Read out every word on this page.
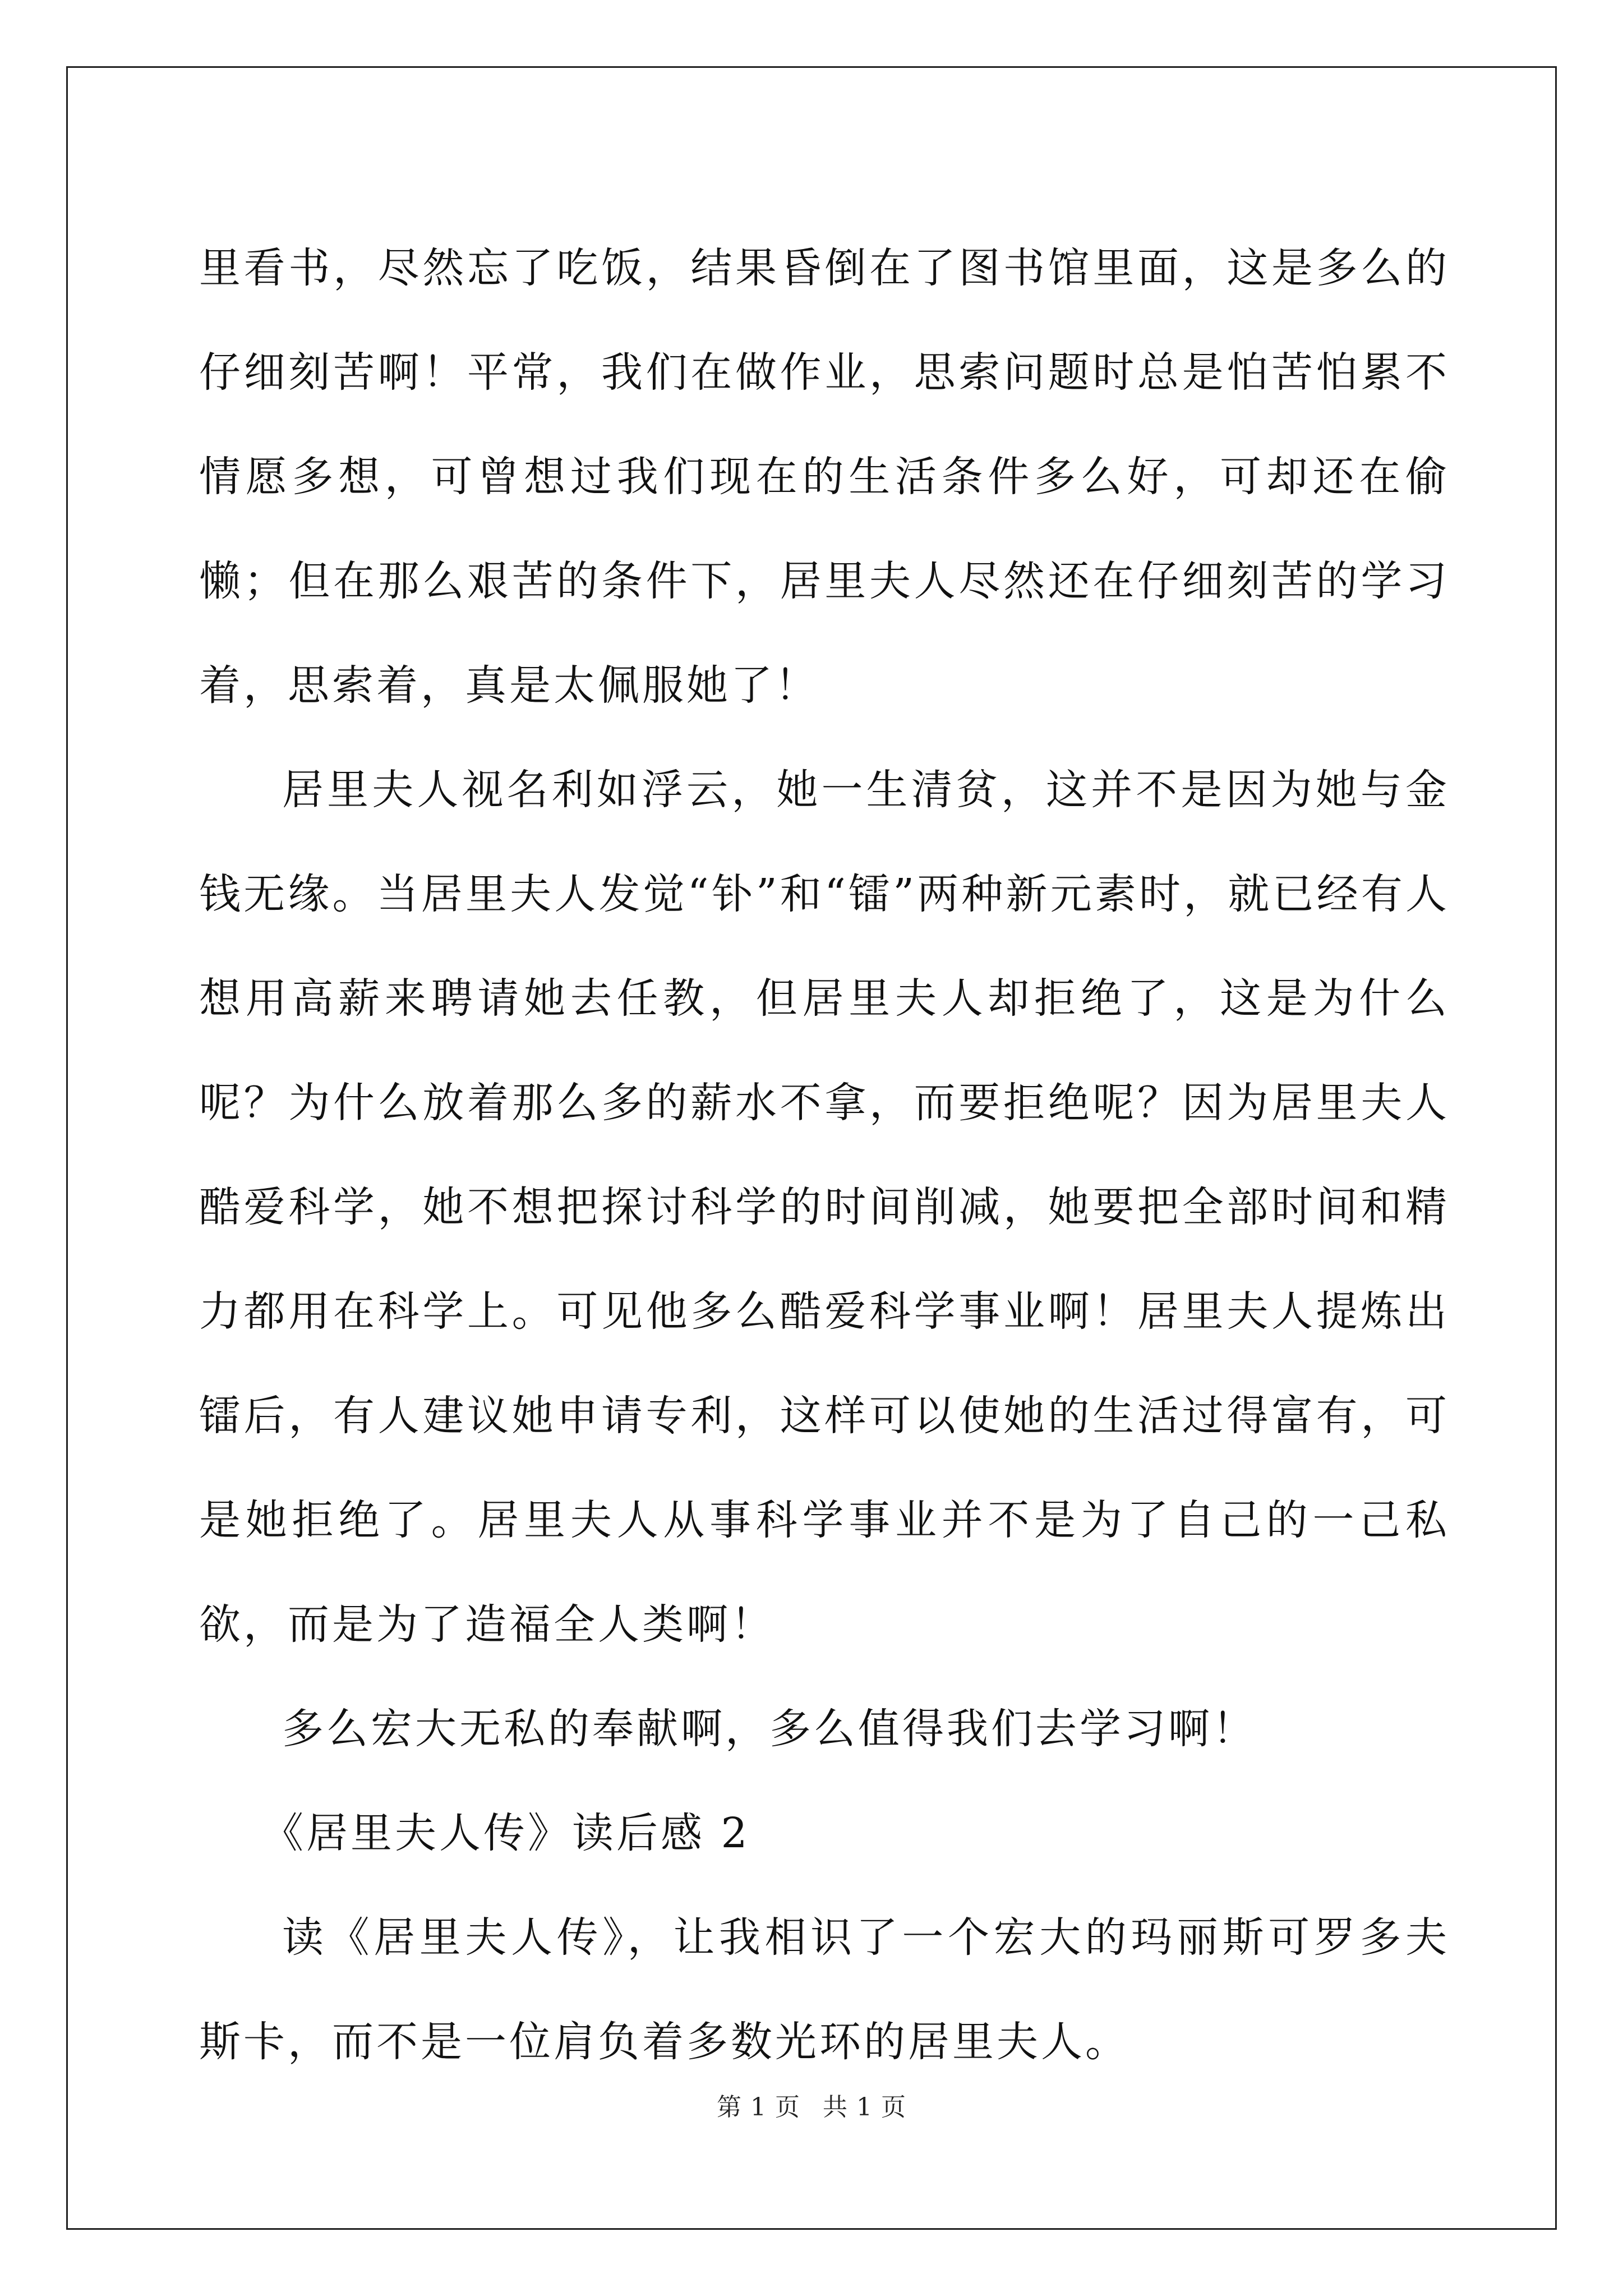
里看书，尽然忘了吃饭，结果昏倒在了图书馆里面，这是多么的仔细刻苦啊！平常，我们在做作业，思索问题时总是怕苦怕累不情愿多想，可曾想过我们现在的生活条件多么好，可却还在偷懒；但在那么艰苦的条件下，居里夫人尽然还在仔细刻苦的学习着，思索着，真是太佩服她了！

居里夫人视名利如浮云，她一生清贫，这并不是因为她与金钱无缘。当居里夫人发觉“钋”和“镭”两种新元素时，就已经有人想用高薪来聘请她去任教，但居里夫人却拒绝了，这是为什么呢？为什么放着那么多的薪水不拿，而要拒绝呢？因为居里夫人酷爱科学，她不想把探讨科学的时间削减，她要把全部时间和精力都用在科学上。可见他多么酷爱科学事业啊！居里夫人提炼出镭后，有人建议她申请专利，这样可以使她的生活过得富有，可是她拒绝了。居里夫人从事科学事业并不是为了自己的一己私欲，而是为了造福全人类啊！

多么宏大无私的奉献啊，多么值得我们去学习啊！

《居里夫人传》读后感 2

读《居里夫人传》，让我相识了一个宏大的玛丽斯可罗多夫斯卡，而不是一位肩负着多数光环的居里夫人。

第 1 页 共 1 页
